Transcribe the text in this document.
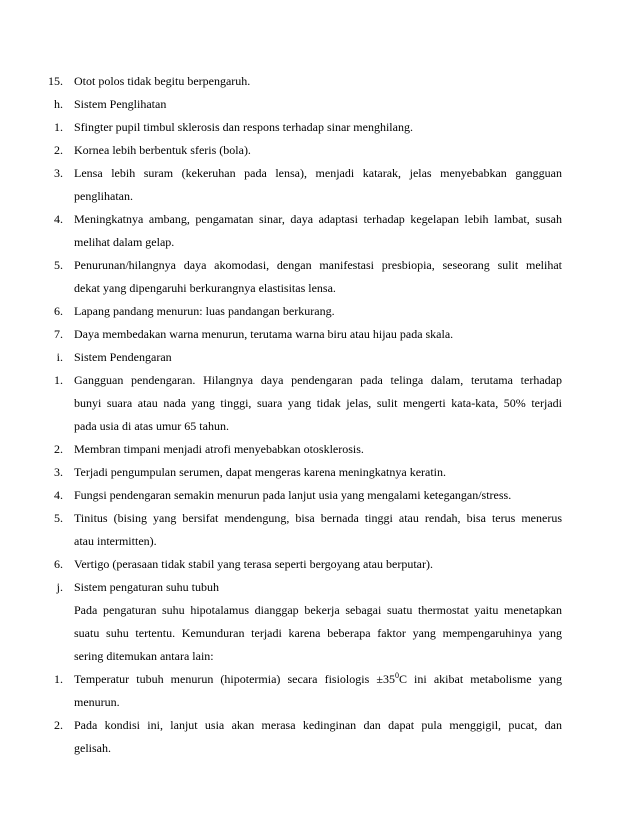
15. Otot polos tidak begitu berpengaruh.
h. Sistem Penglihatan
1. Sfingter pupil timbul sklerosis dan respons terhadap sinar menghilang.
2. Kornea lebih berbentuk sferis (bola).
3. Lensa lebih suram (kekeruhan pada lensa), menjadi katarak, jelas menyebabkan gangguan
penglihatan.
4. Meningkatnya ambang, pengamatan sinar, daya adaptasi terhadap kegelapan lebih lambat, susah
melihat dalam gelap.
5. Penurunan/hilangnya daya akomodasi, dengan manifestasi presbiopia, seseorang sulit melihat
dekat yang dipengaruhi berkurangnya elastisitas lensa.
6. Lapang pandang menurun: luas pandangan berkurang.
7. Daya membedakan warna menurun, terutama warna biru atau hijau pada skala.
i. Sistem Pendengaran
1. Gangguan pendengaran. Hilangnya daya pendengaran pada telinga dalam, terutama terhadap
bunyi suara atau nada yang tinggi, suara yang tidak jelas, sulit mengerti kata-kata, 50% terjadi
pada usia di atas umur 65 tahun.
2. Membran timpani menjadi atrofi menyebabkan otosklerosis.
3. Terjadi pengumpulan serumen, dapat mengeras karena meningkatnya keratin.
4. Fungsi pendengaran semakin menurun pada lanjut usia yang mengalami ketegangan/stress.
5. Tinitus (bising yang bersifat mendengung, bisa bernada tinggi atau rendah, bisa terus menerus
atau intermitten).
6. Vertigo (perasaan tidak stabil yang terasa seperti bergoyang atau berputar).
j. Sistem pengaturan suhu tubuh
Pada pengaturan suhu hipotalamus dianggap bekerja sebagai suatu thermostat yaitu menetapkan
suatu suhu tertentu. Kemunduran terjadi karena beberapa faktor yang mempengaruhinya yang
sering ditemukan antara lain:
1. Temperatur tubuh menurun (hipotermia) secara fisiologis $\pm 35^0C$ ini akibat metabolisme yang
menurun.
2. Pada kondisi ini, lanjut usia akan merasa kedinginan dan dapat pula menggigil, pucat, dan
gelisah.
